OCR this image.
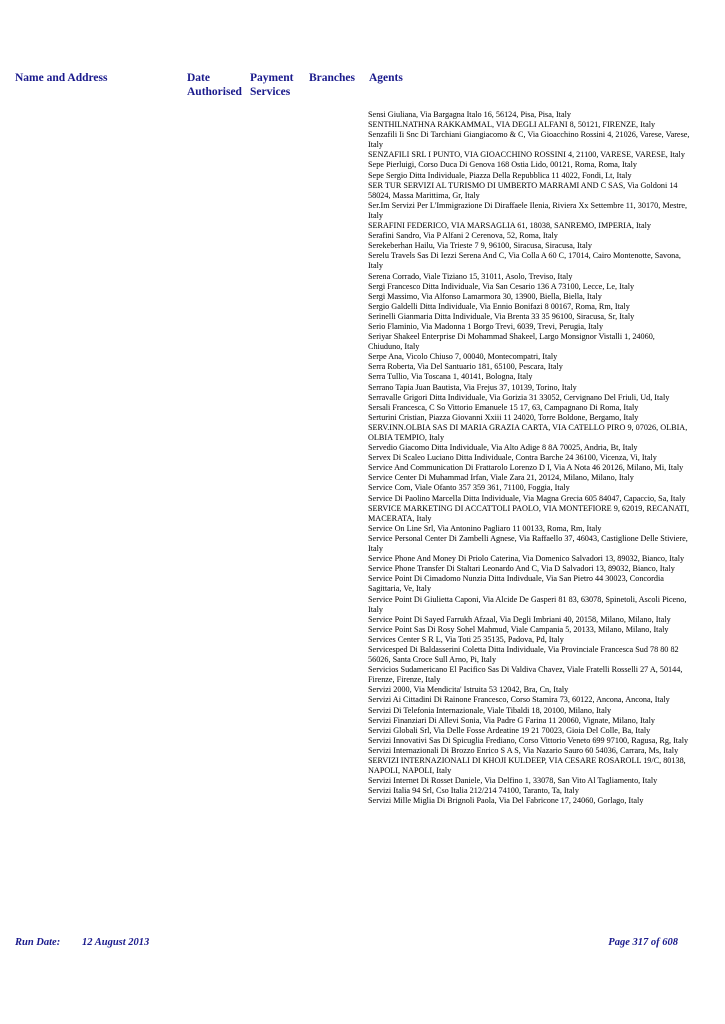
Name and Address	Date Authorised
Payment Services
Branches Agents
Sensi Giuliana, Via Bargagna Italo 16, 56124, Pisa, Pisa, Italy
SENTHILNATHNA RAKKAMMAL, VIA DEGLI ALFANI 8, 50121, FIRENZE, Italy
Senzafili Ii Snc Di Tarchiani Giangiacomo & C, Via Gioacchino Rossini 4, 21026, Varese, Varese, Italy
SENZAFILI SRL I PUNTO, VIA GIOACCHINO ROSSINI 4, 21100, VARESE, VARESE, Italy
Sepe Pierluigi, Corso Duca Di Genova 168 Ostia Lido, 00121, Roma, Roma, Italy
Sepe Sergio Ditta Individuale, Piazza Della Repubblica 11 4022, Fondi, Lt, Italy
SER TUR SERVIZI AL TURISMO DI UMBERTO MARRAMI AND C SAS, Via Goldoni 14 58024, Massa Marittima, Gr, Italy
Ser.Im Servizi Per L'Immigrazione Di Diraffaele Ilenia, Riviera Xx Settembre 11, 30170, Mestre, Italy
SERAFINI FEDERICO, VIA MARSAGLIA 61, 18038, SANREMO, IMPERIA, Italy
Serafini Sandro, Via P Alfani 2 Cerenova, 52, Roma, Italy
Serekeberhan Hailu, Via Trieste 7 9, 96100, Siracusa, Siracusa, Italy
Serelu Travels Sas Di Iezzi Serena And C, Via Colla A 60 C, 17014, Cairo Montenotte, Savona, Italy
Serena Corrado, Viale Tiziano 15, 31011, Asolo, Treviso, Italy
Sergi Francesco Ditta Individuale, Via San Cesario 136 A 73100, Lecce, Le, Italy
Sergi Massimo, Via Alfonso Lamarmora 30, 13900, Biella, Biella, Italy
Sergio Galdelli Ditta Individuale, Via Ennio Bonifazi 8 00167, Roma, Rm, Italy
Serinelli Gianmaria Ditta Individuale, Via Brenta 33 35 96100, Siracusa, Sr, Italy
Serio Flaminio, Via Madonna 1 Borgo Trevi, 6039, Trevi, Perugia, Italy
Seriyar Shakeel Enterprise Di Mohammad Shakeel, Largo Monsignor Vistalli 1, 24060, Chiuduno, Italy
Serpe Ana, Vicolo Chiuso 7, 00040, Montecompatri, Italy
Serra Roberta, Via Del Santuario 181, 65100, Pescara, Italy
Serra Tullio, Via Toscana 1, 40141, Bologna, Italy
Serrano Tapia Juan Bautista, Via Frejus 37, 10139, Torino, Italy
Serravalle Grigori Ditta Individuale, Via Gorizia 31 33052, Cervignano Del Friuli, Ud, Italy
Sersali Francesca, C So Vittorio Emanuele 15 17, 63, Campagnano Di Roma, Italy
Serturini Cristian, Piazza Giovanni Xxiii 11 24020, Torre Boldone, Bergamo, Italy
SERV.INN.OLBIA SAS DI MARIA GRAZIA CARTA, VIA CATELLO PIRO 9, 07026, OLBIA, OLBIA TEMPIO, Italy
Servedio Giacomo Ditta Individuale, Via Alto Adige 8 8A 70025, Andria, Bt, Italy
Servex Di Scaleo Luciano Ditta Individuale, Contra Barche 24 36100, Vicenza, Vi, Italy
Service And Communication Di Frattarolo Lorenzo D I, Via A Nota 46 20126, Milano, Mi, Italy
Service Center Di Muhammad Irfan, Viale Zara 21, 20124, Milano, Milano, Italy
Service Com, Viale Ofanto 357 359 361, 71100, Foggia, Italy
Service Di Paolino Marcella Ditta Individuale, Via Magna Grecia 605 84047, Capaccio, Sa, Italy
SERVICE MARKETING DI ACCATTOLI PAOLO, VIA MONTEFIORE 9, 62019, RECANATI, MACERATA, Italy
Service On Line Srl, Via Antonino Pagliaro 11 00133, Roma, Rm, Italy
Service Personal Center Di Zambelli Agnese, Via Raffaello 37, 46043, Castiglione Delle Stiviere, Italy
Service Phone And Money Di Priolo Caterina, Via Domenico Salvadori 13, 89032, Bianco, Italy
Service Phone Transfer Di Staltari Leonardo And C, Via D Salvadori 13, 89032, Bianco, Italy
Service Point Di Cimadomo Nunzia Ditta Indivduale, Via San Pietro 44 30023, Concordia Sagittaria, Ve, Italy
Service Point Di Giulietta Caponi, Via Alcide De Gasperi 81 83, 63078, Spinetoli, Ascoli Piceno, Italy
Service Point Di Sayed Farrukh Afzaal, Via Degli Imbriani 40, 20158, Milano, Milano, Italy
Service Point Sas Di Rosy Sohel Mahmud, Viale Campania 5, 20133, Milano, Milano, Italy
Services Center S R L, Via Toti 25 35135, Padova, Pd, Italy
Servicesped Di Baldasserini Coletta Ditta Individuale, Via Provinciale Francesca Sud 78 80 82 56026, Santa Croce Sull Arno, Pi, Italy
Servicios Sudamericano El Pacifico Sas Di Valdiva Chavez, Viale Fratelli Rosselli 27 A, 50144, Firenze, Firenze, Italy
Servizi 2000, Via Mendicita' Istruita 53 12042, Bra, Cn, Italy
Servizi Ai Cittadini Di Rainone Francesco, Corso Stamira 73, 60122, Ancona, Ancona, Italy
Servizi Di Telefonia Internazionale, Viale Tibaldi 18, 20100, Milano, Italy
Servizi Finanziari Di Allevi Sonia, Via Padre G Farina 11 20060, Vignate, Milano, Italy
Servizi Globali Srl, Via Delle Fosse Ardeatine 19 21 70023, Gioia Del Colle, Ba, Italy
Servizi Innovativi Sas Di Spicuglia Frediano, Corso Vittorio Veneto 699 97100, Ragusa, Rg, Italy
Servizi Internazionali Di Brozzo Enrico S A S, Via Nazario Sauro 60 54036, Carrara, Ms, Italy
SERVIZI INTERNAZIONALI DI KHOJI KULDEEP, VIA CESARE ROSAROLL 19/C, 80138, NAPOLI, NAPOLI, Italy
Servizi Internet Di Rosset Daniele, Via Delfino 1, 33078, San Vito Al Tagliamento, Italy
Servizi Italia 94 Srl, Cso Italia 212/214 74100, Taranto, Ta, Italy
Servizi Mille Miglia Di Brignoli Paola, Via Del Fabricone 17, 24060, Gorlago, Italy
Run Date: 12 August 2013	Page 317 of 608
